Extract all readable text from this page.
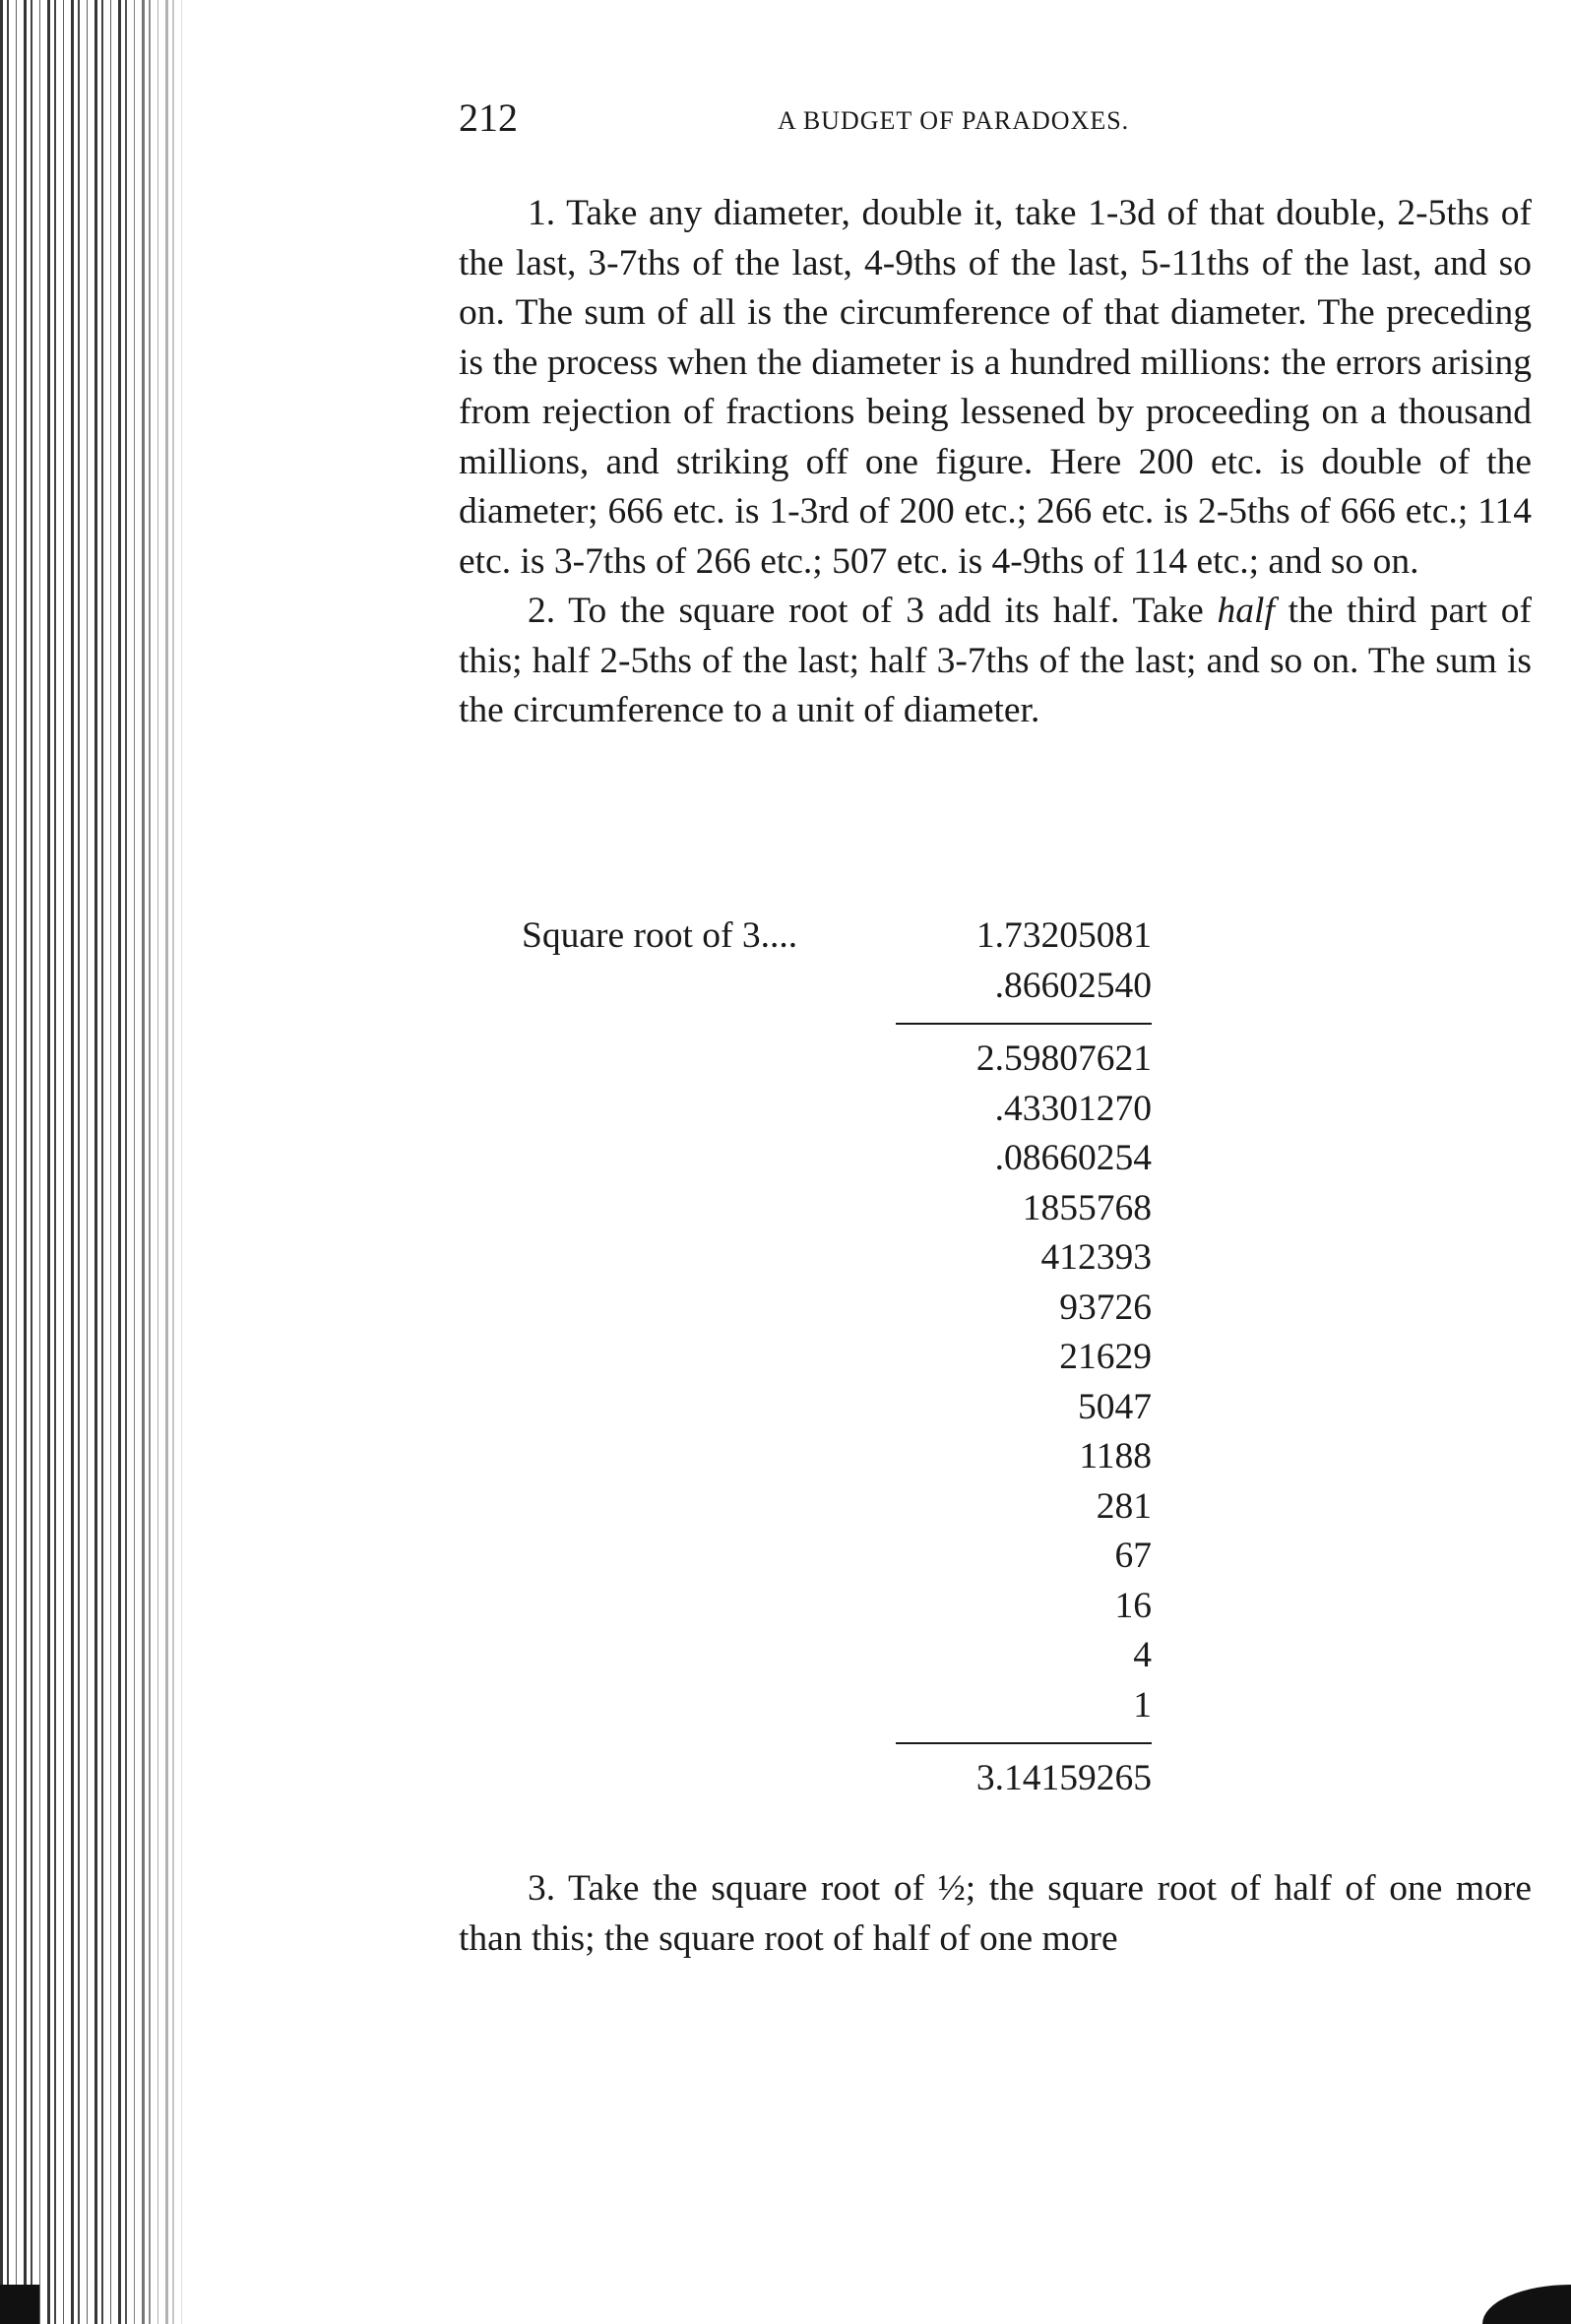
212	A BUDGET OF PARADOXES.

1. Take any diameter, double it, take 1-3d of that double, 2-5ths of the last, 3-7ths of the last, 4-9ths of the last, 5-11ths of the last, and so on. The sum of all is the circumference of that diameter. The preceding is the process when the diameter is a hundred millions: the errors arising from rejection of fractions being lessened by proceeding on a thousand millions, and striking off one figure. Here 200 etc. is double of the diameter; 666 etc. is 1-3rd of 200 etc.; 266 etc. is 2-5ths of 666 etc.; 114 etc. is 3-7ths of 266 etc.; 507 etc. is 4-9ths of 114 etc.; and so on.

2. To the square root of 3 add its half. Take half the third part of this; half 2-5ths of the last; half 3-7ths of the last; and so on. The sum is the circumference to a unit of diameter.

Square root of 3....	1.73205081
.86602540
2.59807621
.43301270
.08660254
1855768
412393
93726
21629
5047
1188
281
67
16
4
1
3.14159265

3. Take the square root of ½; the square root of half of one more than this; the square root of half of one more
